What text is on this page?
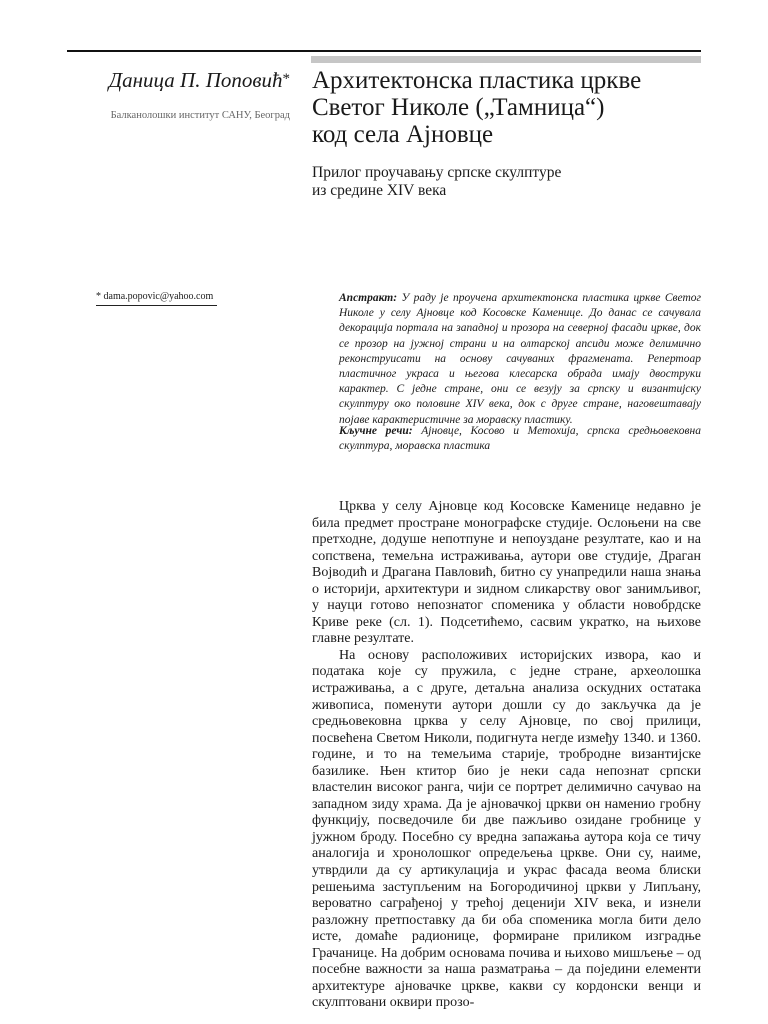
Даница П. Поповић*
Балканолошки институт САНУ, Београд
Архитектонска пластика цркве
Светог Николе („Тамница“)
код села Ајновце
Прилог проучавању српске скулптуре
из средине XIV века
* dama.popovic@yahoo.com	Апстракт: У раду је проучена архитектонска пластика цркве Светог Николе у селу Ајновце код Косовске Каменице. До данас се сачувала декорација портала на западној и прозора на северној фасади цркве, док се прозор на јужној страни и на олтарској апсиди може делимично реконструисати на основу сачуваних фрагмената. Репертоар пластичног украса и његова клесарска обрада имају двоструки карактер. С једне стране, они се везују за српску и византијску скулптуру око половине XIV века, док с друге стране, наговештавају појаве карактеристичне за моравску пластику.

Кључне речи: Ајновце, Косово и Метохија, српска средњовековна скулптура, моравска пластика

Црква у селу Ајновце код Косовске Каменице недавно је била предмет простране монографске студије. Ослоњени на све претходне, додуше непотпуне и непоуздане резултате, као и на сопствена, темељна истраживања, аутори ове студије, Драган Војводић и Драгана Павловић, битно су унапредили наша знања о историји, архитектури и зидном сликарству овог занимљивог, у науци готово непознатог споменика у области новобрдске Криве реке (сл. 1). Подсетићемо, сасвим укратко, на њихове главне резултате.

На основу расположивих историјских извора, као и података које су пружила, с једне стране, археолошка истраживања, а с друге, детаљна анализа оскудних остатака живописа, поменути аутори дошли су до закључка да је средњовековна црква у селу Ајновце, по свој прилици, посвећена Светом Николи, подигнута негде између 1340. и 1360. године, и то на темељима старије, тробродне византијске базилике. Њен ктитор био је неки сада непознат српски властелин високог ранга, чији се портрет делимично сачувао на западном зиду храма. Да је ајновачкој цркви он наменио гробну функцију, посведочиле би две пажљиво озидане гробнице у јужном броду. Посебно су вредна запажања аутора која се тичу аналогија и хронолошког опредељења цркве. Они су, наиме, утврдили да су артикулација и украс фасада веома блиски решењима заступљеним на Богородичиној цркви у Липљану, вероватно саграђеној у трећој деценији XIV века, и изнели разложну претпоставку да би оба споменика могла бити дело исте, домаће радионице, формиране приликом изградње Грачанице. На добрим основама почива и њихово мишљење – од посебне важности за наша разматрања – да поједини елементи архитектуре ајновачке цркве, какви су кордонски венци и скулптовани оквири прозо-
